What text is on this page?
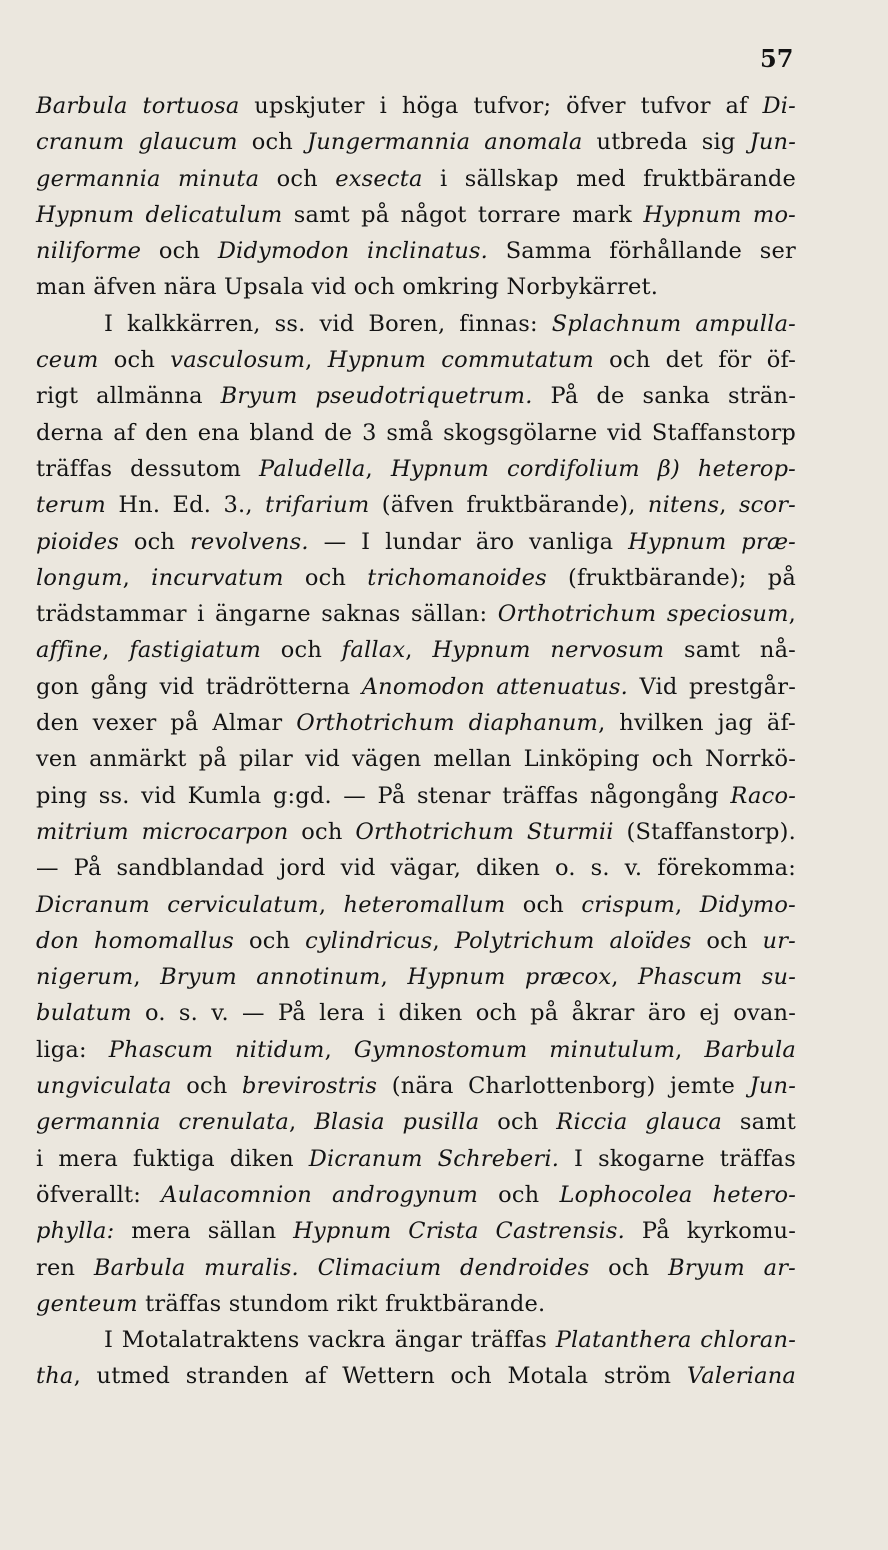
57
Barbula tortuosa upskjuter i höga tufvor; öfver tufvor af Di-
cranum glaucum och Jungermannia anomala utbreda sig Jun-
germannia minuta och exsecta i sällskap med fruktbärande
Hypnum delicatulum samt på något torrare mark Hypnum mo-
niliforme och Didymodon inclinatus. Samma förhållande ser
man äfven nära Upsala vid och omkring Norbykärret.
I kalkkärren, ss. vid Boren, finnas: Splachnum ampulla-
ceum och vasculosum, Hypnum commutatum och det för öf-
rigt allmänna Bryum pseudotriquetrum. På de sanka strän-
derna af den ena bland de 3 små skogsgölarne vid Staffanstorp
träffas dessutom Paludella, Hypnum cordifolium β) heterop-
terum Hn. Ed. 3., trifarium (äfven fruktbärande), nitens, scor-
pioides och revolvens. — I lundar äro vanliga Hypnum præ-
longum, incurvatum och trichomanoides (fruktbärande); på
trädstammar i ängarne saknas sällan: Orthotrichum speciosum,
affine, fastigiatum och fallax, Hypnum nervosum samt nå-
gon gång vid trädrötterna Anomodon attenuatus. Vid prestgår-
den vexer på Almar Orthotrichum diaphanum, hvilken jag äf-
ven anmärkt på pilar vid vägen mellan Linköping och Norrkö-
ping ss. vid Kumla g:gd. — På stenar träffas någongång Raco-
mitrium microcarpon och Orthotrichum Sturmii (Staffanstorp).
— På sandblandad jord vid vägar, diken o. s. v. förekomma:
Dicranum cerviculatum, heteromallum och crispum, Didymo-
don homomallus och cylindricus, Polytrichum aloïdes och ur-
nigerum, Bryum annotinum, Hypnum præcox, Phascum su-
bulatum o. s. v. — På lera i diken och på åkrar äro ej ovan-
liga: Phascum nitidum, Gymnostomum minutulum, Barbula
ungviculata och brevirostris (nära Charlottenborg) jemte Jun-
germannia crenulata, Blasia pusilla och Riccia glauca samt
i mera fuktiga diken Dicranum Schreberi. I skogarne träffas
öfverallt: Aulacomnion androgynum och Lophocolea hetero-
phylla: mera sällan Hypnum Crista Castrensis. På kyrkomu-
ren Barbula muralis. Climacium dendroides och Bryum ar-
genteum träffas stundom rikt fruktbärande.
I Motalatraktens vackra ängar träffas Platanthera chloran-
tha, utmed stranden af Wettern och Motala ström Valeriana
